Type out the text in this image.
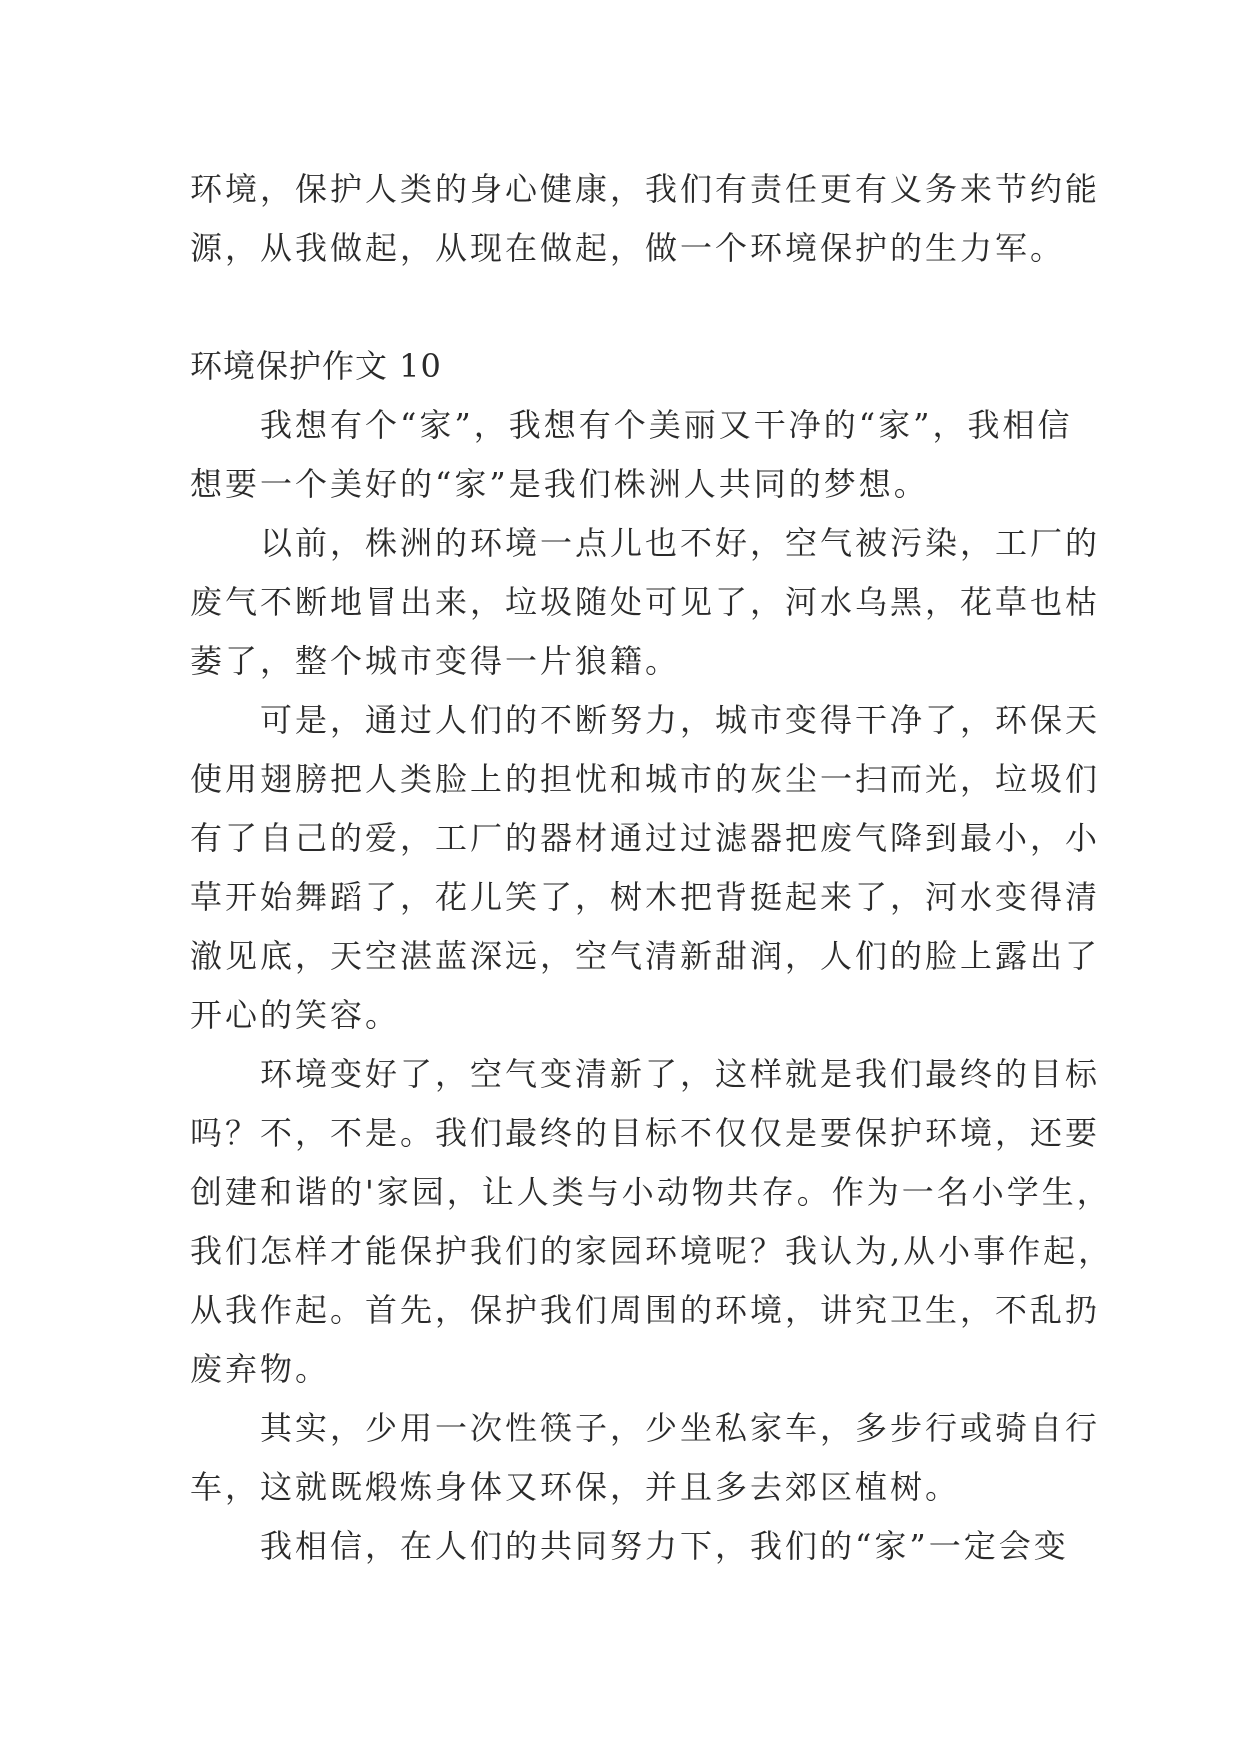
环境，保护人类的身心健康，我们有责任更有义务来节约能
源，从我做起，从现在做起，做一个环境保护的生力军。
环境保护作文 10
我想有个“家”，我想有个美丽又干净的“家”，我相信
想要一个美好的“家”是我们株洲人共同的梦想。
以前，株洲的环境一点儿也不好，空气被污染，工厂的
废气不断地冒出来，垃圾随处可见了，河水乌黑，花草也枯
萎了，整个城市变得一片狼籍。
可是，通过人们的不断努力，城市变得干净了，环保天
使用翅膀把人类脸上的担忧和城市的灰尘一扫而光，垃圾们
有了自己的爱，工厂的器材通过过滤器把废气降到最小，小
草开始舞蹈了，花儿笑了，树木把背挺起来了，河水变得清
澈见底，天空湛蓝深远，空气清新甜润，人们的脸上露出了
开心的笑容。
环境变好了，空气变清新了，这样就是我们最终的目标
吗？不，不是。我们最终的目标不仅仅是要保护环境，还要
创建和谐的'家园，让人类与小动物共存。作为一名小学生，
我们怎样才能保护我们的家园环境呢？我认为,从小事作起，
从我作起。首先，保护我们周围的环境，讲究卫生，不乱扔
废弃物。
其实，少用一次性筷子，少坐私家车，多步行或骑自行
车，这就既煅炼身体又环保，并且多去郊区植树。
我相信，在人们的共同努力下，我们的“家”一定会变
